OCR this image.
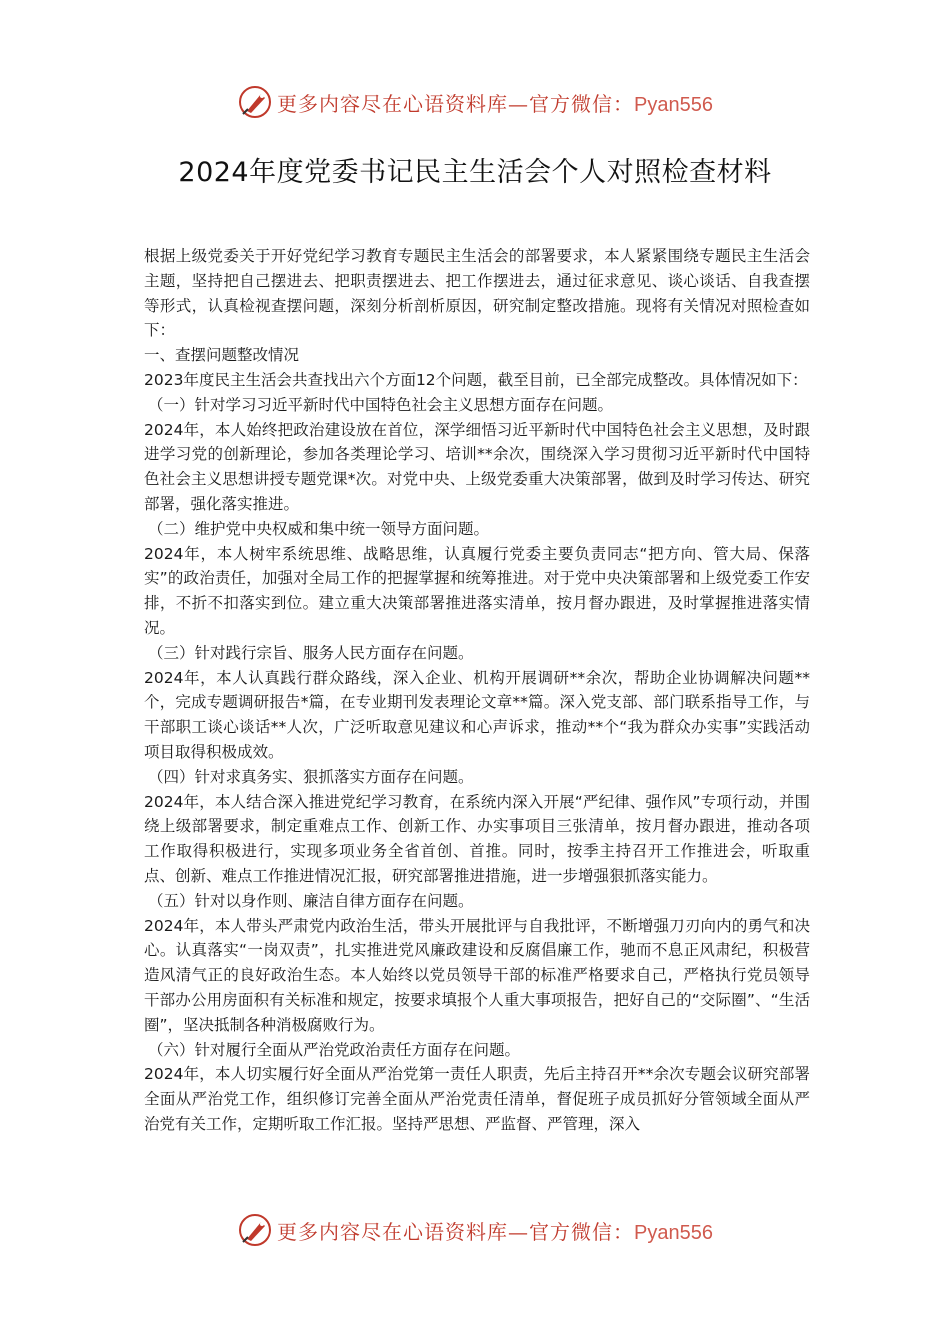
更多内容尽在心语资料库—官方微信：Pyan556
2024年度党委书记民主生活会个人对照检查材料

根据上级党委关于开好党纪学习教育专题民主生活会的部署要求，本人紧紧围绕专题民主生活会主题，坚持把自己摆进去、把职责摆进去、把工作摆进去，通过征求意见、谈心谈话、自我查摆等形式，认真检视查摆问题，深刻分析剖析原因，研究制定整改措施。现将有关情况对照检查如下：

一、查摆问题整改情况

2023年度民主生活会共查找出六个方面12个问题，截至目前，已全部完成整改。具体情况如下：

（一）针对学习习近平新时代中国特色社会主义思想方面存在问题。

2024年，本人始终把政治建设放在首位，深学细悟习近平新时代中国特色社会主义思想，及时跟进学习党的创新理论，参加各类理论学习、培训**余次，围绕深入学习贯彻习近平新时代中国特色社会主义思想讲授专题党课*次。对党中央、上级党委重大决策部署，做到及时学习传达、研究部署，强化落实推进。

（二）维护党中央权威和集中统一领导方面问题。

2024年，本人树牢系统思维、战略思维，认真履行党委主要负责同志“把方向、管大局、保落实”的政治责任，加强对全局工作的把握掌握和统筹推进。对于党中央决策部署和上级党委工作安排，不折不扣落实到位。建立重大决策部署推进落实清单，按月督办跟进，及时掌握推进落实情况。

（三）针对践行宗旨、服务人民方面存在问题。

2024年，本人认真践行群众路线，深入企业、机构开展调研**余次，帮助企业协调解决问题**个，完成专题调研报告*篇，在专业期刊发表理论文章**篇。深入党支部、部门联系指导工作，与干部职工谈心谈话**人次，广泛听取意见建议和心声诉求，推动**个“我为群众办实事”实践活动项目取得积极成效。

（四）针对求真务实、狠抓落实方面存在问题。

2024年，本人结合深入推进党纪学习教育，在系统内深入开展“严纪律、强作风”专项行动，并围绕上级部署要求，制定重难点工作、创新工作、办实事项目三张清单，按月督办跟进，推动各项工作取得积极进行，实现多项业务全省首创、首推。同时，按季主持召开工作推进会，听取重点、创新、难点工作推进情况汇报，研究部署推进措施，进一步增强狠抓落实能力。

（五）针对以身作则、廉洁自律方面存在问题。

2024年，本人带头严肃党内政治生活，带头开展批评与自我批评，不断增强刀刃向内的勇气和决心。认真落实“一岗双责”，扎实推进党风廉政建设和反腐倡廉工作，驰而不息正风肃纪，积极营造风清气正的良好政治生态。本人始终以党员领导干部的标准严格要求自己，严格执行党员领导干部办公用房面积有关标准和规定，按要求填报个人重大事项报告，把好自己的“交际圈”、“生活圈”，坚决抵制各种消极腐败行为。

（六）针对履行全面从严治党政治责任方面存在问题。

2024年，本人切实履行好全面从严治党第一责任人职责，先后主持召开**余次专题会议研究部署全面从严治党工作，组织修订完善全面从严治党责任清单，督促班子成员抓好分管领域全面从严治党有关工作，定期听取工作汇报。坚持严思想、严监督、严管理，深入

更多内容尽在心语资料库—官方微信：Pyan556
